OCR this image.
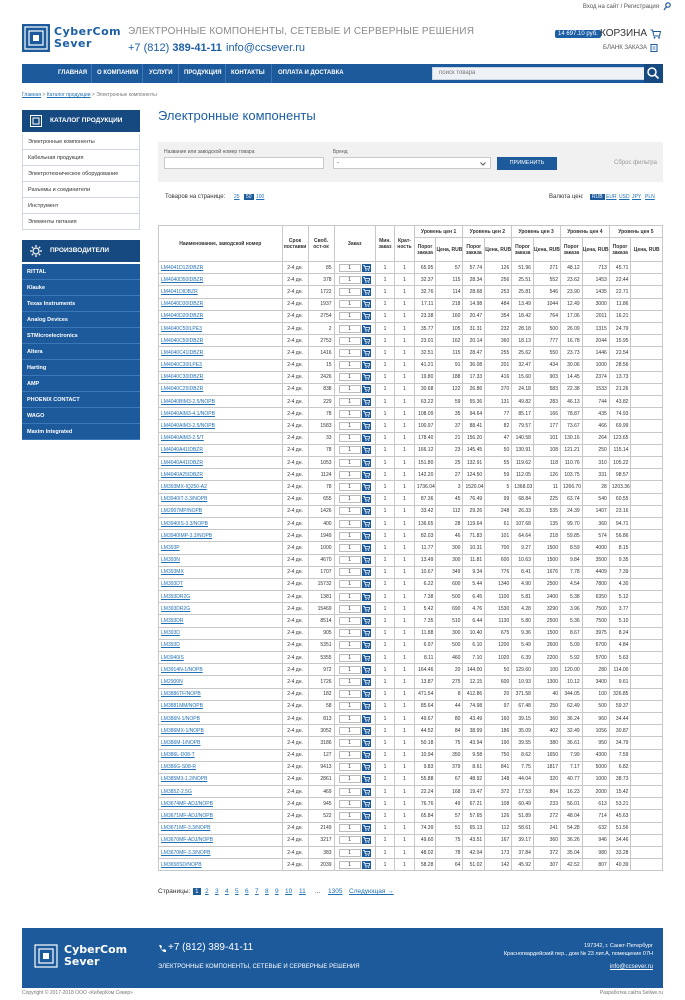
Вход на сайт / Регистрация
CyberCom
Sever
ЭЛЕКТРОННЫЕ КОМПОНЕНТЫ, СЕТЕВЫЕ И СЕРВЕРНЫЕ РЕШЕНИЯ
+7 (812) 389-41-11 info@ccsever.ru
14 697.10 руб. КОРЗИНА
БЛАНК ЗАКАЗА
ГЛАВНАЯ О КОМПАНИИ УСЛУГИ ПРОДУКЦИЯ КОНТАКТЫ ОПЛАТА И ДОСТАВКА	поиск товара
Главная > Каталог продукции > Электронные компоненты
КАТАЛОГ ПРОДУКЦИИ
Электронные компоненты
Кабельная продукция
Электротехническое оборудование
Разъемы и соединители
Инструмент
Элементы питания
ПРОИЗВОДИТЕЛИ
RITTAL
Klauke
Texas Instruments
Analog Devices
STMicroelectronics
Altera
Harting
AMP
PHOENIX CONTACT
WAGO
Maxim Integrated
Электронные компоненты
Название или заводской номер товара	Бренд
-	ПРИМЕНИТЬ	Сброс фильтра
Товаров на странице: 25	50 100	Валюта цен:	RUB EUR USD JPY PLN
Наименование, заводской номер	Срок поставки	Своб. ост-ок	Заказ	Мин. заказ	Крат-ность	Уровень цен 1		Уровень цен 2		Уровень цен 3		Уровень цен 4		Уровень цен 5	
						Порог заказа	Цена, RUB	Порог заказа	Цена, RUB	Порог заказа	Цена, RUB	Порог заказа	Цена, RUB	Порог заказа	Цена, RUB
LM4041D12IDBZR	2-4 дн.	85	1	1	1	65.95	57	57.74	126	51.96	271	48.12	713	45.71	
LM4040D50IDBZR	2-4 дн.	378	1	1	1	32.37	115	28.34	256	25.51	552	23.62	1453	22.44	
LM4041DIDBZR	2-4 дн.	1722	1	1	1	32.76	114	28.68	253	25.81	546	23.90	1435	22.71	
LM4040D30IDBZR	2-4 дн.	1937	1	1	1	17.11	218	14.98	484	13.49	1044	12.49	3000	11.86	
LM4040D20IDBZR	2-4 дн.	2754	1	1	1	23.38	160	20.47	354	18.42	764	17.06	2011	16.21	
LM4040C50ILPE3	2-4 дн.	2	1	1	1	35.77	105	31.31	232	28.18	500	26.09	1315	24.79	
LM4040C50IDBZR	2-4 дн.	2753	1	1	1	23.01	162	20.14	360	18.13	777	16.78	2044	15.95	
LM4040C41IDBZR	2-4 дн.	1416	1	1	1	32.51	115	28.47	255	25.62	550	23.73	1446	22.54	
LM4040C30ILPE3	2-4 дн.	15	1	1	1	41.21	91	36.08	201	32.47	434	30.06	1000	28.56	
LM4040C30IDBZR	2-4 дн.	2426	1	1	1	19.80	188	17.33	416	15.60	903	14.45	2374	13.73	
LM4040C25IDBZR	2-4 дн.	838	1	1	1	30.68	122	26.86	270	24.18	583	22.38	1533	21.26	
LM4040BIM3-2.5/NOPB	2-4 дн.	229	1	1	1	63.22	59	55.36	131	49.82	283	46.13	744	43.82	
LM4040AIM3-4.1/NOPB	2-4 дн.	78	1	1	1	108.09	35	94.64	77	85.17	166	78.87	435	74.93	
LM4040AIM3-2.5/NOPB	2-4 дн.	1583	1	1	1	100.97	37	88.41	82	79.57	177	73.67	466	69.99	
LM4040AIM3-2.5/T	2-4 дн.	33	1	1	1	178.40	21	156.20	47	140.58	101	130.16	264	123.65	
LM4040A41IDBZR	2-4 дн.	78	1	1	1	166.12	23	145.45	50	130.91	108	121.21	250	115.14	
LM4040A41IDBZR	2-4 дн.	1053	1	1	1	151.80	25	132.91	55	119.62	118	110.76	310	105.22	
LM4040A25IDBZR	2-4 дн.	1124	1	1	1	142.20	27	124.50	59	112.05	126	103.75	331	98.57	
LM393MX-IQ250-A2	2-4 дн.	78	1	1	1	1736.04	3	1520.04	5	1368.03	11	1266.70	28	1203.36	
LM3940IT-3.3/NOPB	2-4 дн.	655	1	1	1	87.36	45	76.49	99	68.84	225	63.74	540	60.55	
LM2907MP/NOPB	2-4 дн.	1426	1	1	1	33.42	112	29.26	248	26.33	535	24.39	1407	23.16	
LM3940IS-3.3/NOPB	2-4 дн.	400	1	1	1	136.65	28	119.64	61	107.68	135	99.70	360	94.71	
LM3940IMP-3.3/NOPB	2-4 дн.	1949	1	1	1	82.03	46	71.83	101	64.64	218	59.85	574	56.86	
LM393P	2-4 дн.	1000	1	1	1	11.77	300	10.31	700	9.27	1500	8.59	4000	8.15	
LM393N	2-4 дн.	4670	1	1	1	13.49	300	11.81	600	10.63	1500	9.84	3500	9.35	
LM393MX	2-4 дн.	1707	1	1	1	10.67	349	9.34	776	8.41	1676	7.78	4409	7.39	
LM393DT	2-4 дн.	15732	1	1	1	6.22	600	5.44	1340	4.90	2500	4.54	7800	4.30	
LM393DR2G	2-4 дн.	1381	1	1	1	7.38	500	6.45	1100	5.81	2400	5.38	6350	5.12	
LM393DR2G	2-4 дн.	15469	1	1	1	5.42	690	4.76	1530	4.28	3290	3.96	7500	3.77	
LM393DR	2-4 дн.	8514	1	1	1	7.35	510	6.44	1130	5.80	2500	5.36	7500	5.10	
LM393D	2-4 дн.	905	1	1	1	11.88	300	10.40	675	9.36	1500	8.67	3975	8.24	
LM393D	2-4 дн.	5351	1	1	1	6.97	500	6.10	1200	5.49	2600	5.09	6700	4.84	
LM3940IS	2-4 дн.	5355	1	1	1	8.11	460	7.10	1020	6.39	2200	5.92	5700	5.63	
LM3914N-1/NOPB	2-4 дн.	972	1	1	1	164.46	20	144.00	50	129.60	100	120.00	280	114.00	
LM2900N	2-4 дн.	1726	1	1	1	13.87	275	12.15	600	10.93	1300	10.12	3400	9.61	
LM3886TF/NOPB	2-4 дн.	182	1	1	1	471.54	8	412.86	20	371.58	40	344.05	100	326.85	
LM3881MM/NOPB	2-4 дн.	58	1	1	1	85.64	44	74.98	97	67.48	250	62.49	500	59.37	
LM386N-1/NOPB	2-4 дн.	813	1	1	1	49.67	80	43.49	160	39.15	360	36.24	960	34.44	
LM386MX-1/NOPB	2-4 дн.	3052	1	1	1	44.52	84	38.99	186	35.09	402	32.49	1056	30.87	
LM386M-1/NOPB	2-4 дн.	3186	1	1	1	50.18	75	43.94	190	39.55	380	36.61	950	34.79	
LM386L-D08-T	2-4 дн.	127	1	1	1	10.94	350	9.58	750	8.62	1650	7.99	4300	7.59	
LM386G-S08-R	2-4 дн.	9413	1	1	1	9.83	379	8.61	841	7.75	1817	7.17	5000	6.82	
LM385M3-1.2/NOPB	2-4 дн.	2861	1	1	1	55.88	67	48.92	148	44.04	320	40.77	1000	38.73	
LM385Z-2.5G	2-4 дн.	469	1	1	1	22.24	168	19.47	372	17.53	804	16.23	2000	15.42	
LM3674MF-ADJ/NOPB	2-4 дн.	945	1	1	1	76.76	49	67.21	108	60.49	233	56.01	613	53.21	
LM3671MF-ADJ/NOPB	2-4 дн.	522	1	1	1	65.84	57	57.65	126	51.89	272	48.04	714	45.63	
LM3671MF-3.3/NOPB	2-4 дн.	2149	1	1	1	74.39	51	65.13	112	58.61	241	54.28	632	51.56	
LM3670MF-ADJ/NOPB	2-4 дн.	3217	1	1	1	49.60	75	43.51	167	39.17	360	36.26	946	34.46	
LM3670MF-3.3/NOPB	2-4 дн.	383	1	1	1	48.02	78	42.04	173	37.84	372	35.04	980	33.28	
LM3658SD/NOPB	2-4 дн.	2039	1	1	1	58.28	64	51.02	142	45.92	307	42.52	807	40.39	
Страницы: 1 2 3 4 5 6 7 8 9 10 11 ... 1305 Следующая →
CyberCom
Sever
+7 (812) 389-41-11
ЭЛЕКТРОННЫЕ КОМПОНЕНТЫ, СЕТЕВЫЕ И СЕРВЕРНЫЕ РЕШЕНИЯ
197342, г. Санкт-Петербург
Красногвардейский пер., дом № 23 лит.А, помещение 07Н
info@ccsever.ru
Copyright © 2017-2018 ООО «КиберКом Север»	Разработка сайта Seliwe.ru
